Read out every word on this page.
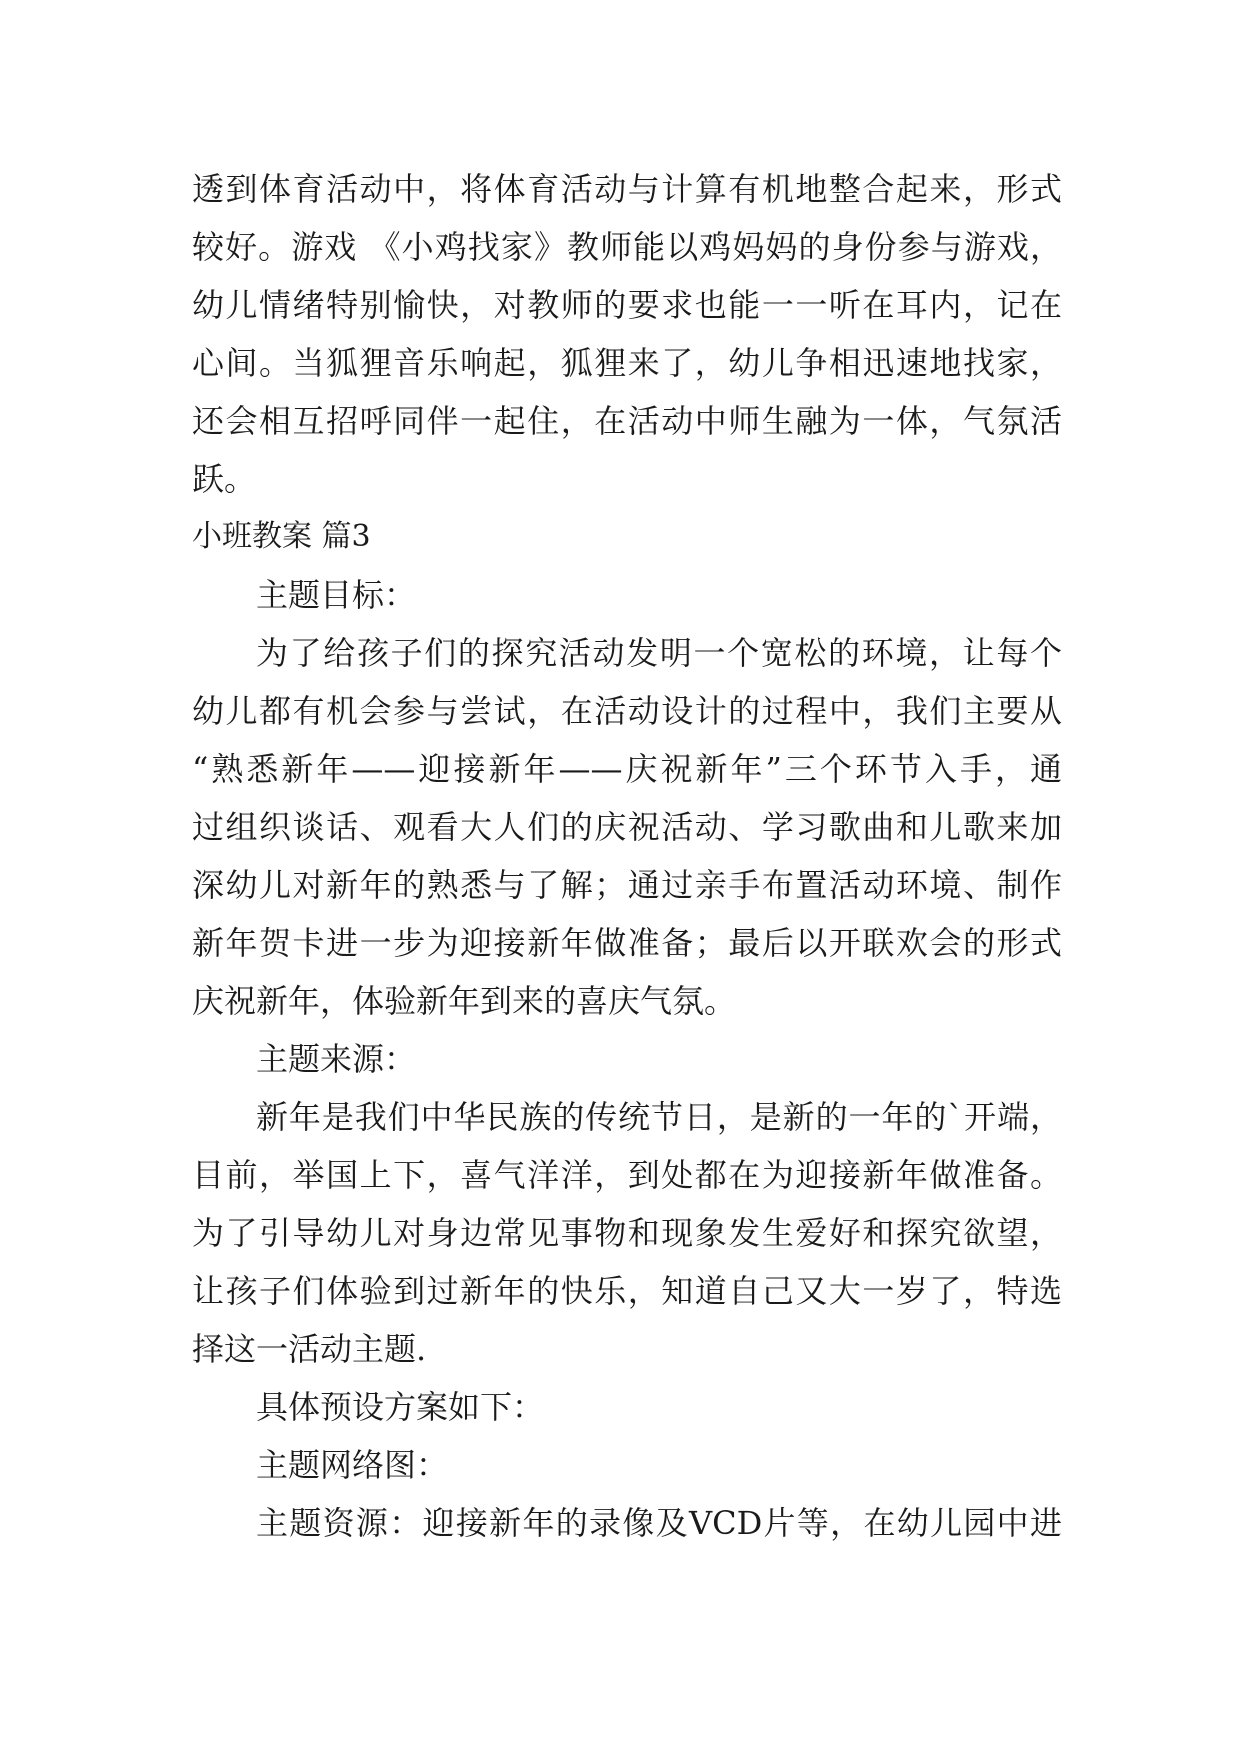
透到体育活动中，将体育活动与计算有机地整合起来，形式

较好。游戏 《小鸡找家》教师能以鸡妈妈的身份参与游戏，

幼儿情绪特别愉快，对教师的要求也能一一听在耳内，记在

心间。当狐狸音乐响起，狐狸来了，幼儿争相迅速地找家，

还会相互招呼同伴一起住，在活动中师生融为一体，气氛活

跃。

小班教案 篇3

主题目标：

为了给孩子们的探究活动发明一个宽松的环境，让每个

幼儿都有机会参与尝试，在活动设计的过程中，我们主要从

“熟悉新年——迎接新年——庆祝新年”三个环节入手，通

过组织谈话、观看大人们的庆祝活动、学习歌曲和儿歌来加

深幼儿对新年的熟悉与了解；通过亲手布置活动环境、制作

新年贺卡进一步为迎接新年做准备；最后以开联欢会的形式

庆祝新年，体验新年到来的喜庆气氛。

主题来源：

新年是我们中华民族的传统节日，是新的一年的`开端，

目前，举国上下，喜气洋洋，到处都在为迎接新年做准备。

为了引导幼儿对身边常见事物和现象发生爱好和探究欲望，

让孩子们体验到过新年的快乐，知道自己又大一岁了，特选

择这一活动主题.

具体预设方案如下：

主题网络图：

主题资源：迎接新年的录像及VCD片等，在幼儿园中进
